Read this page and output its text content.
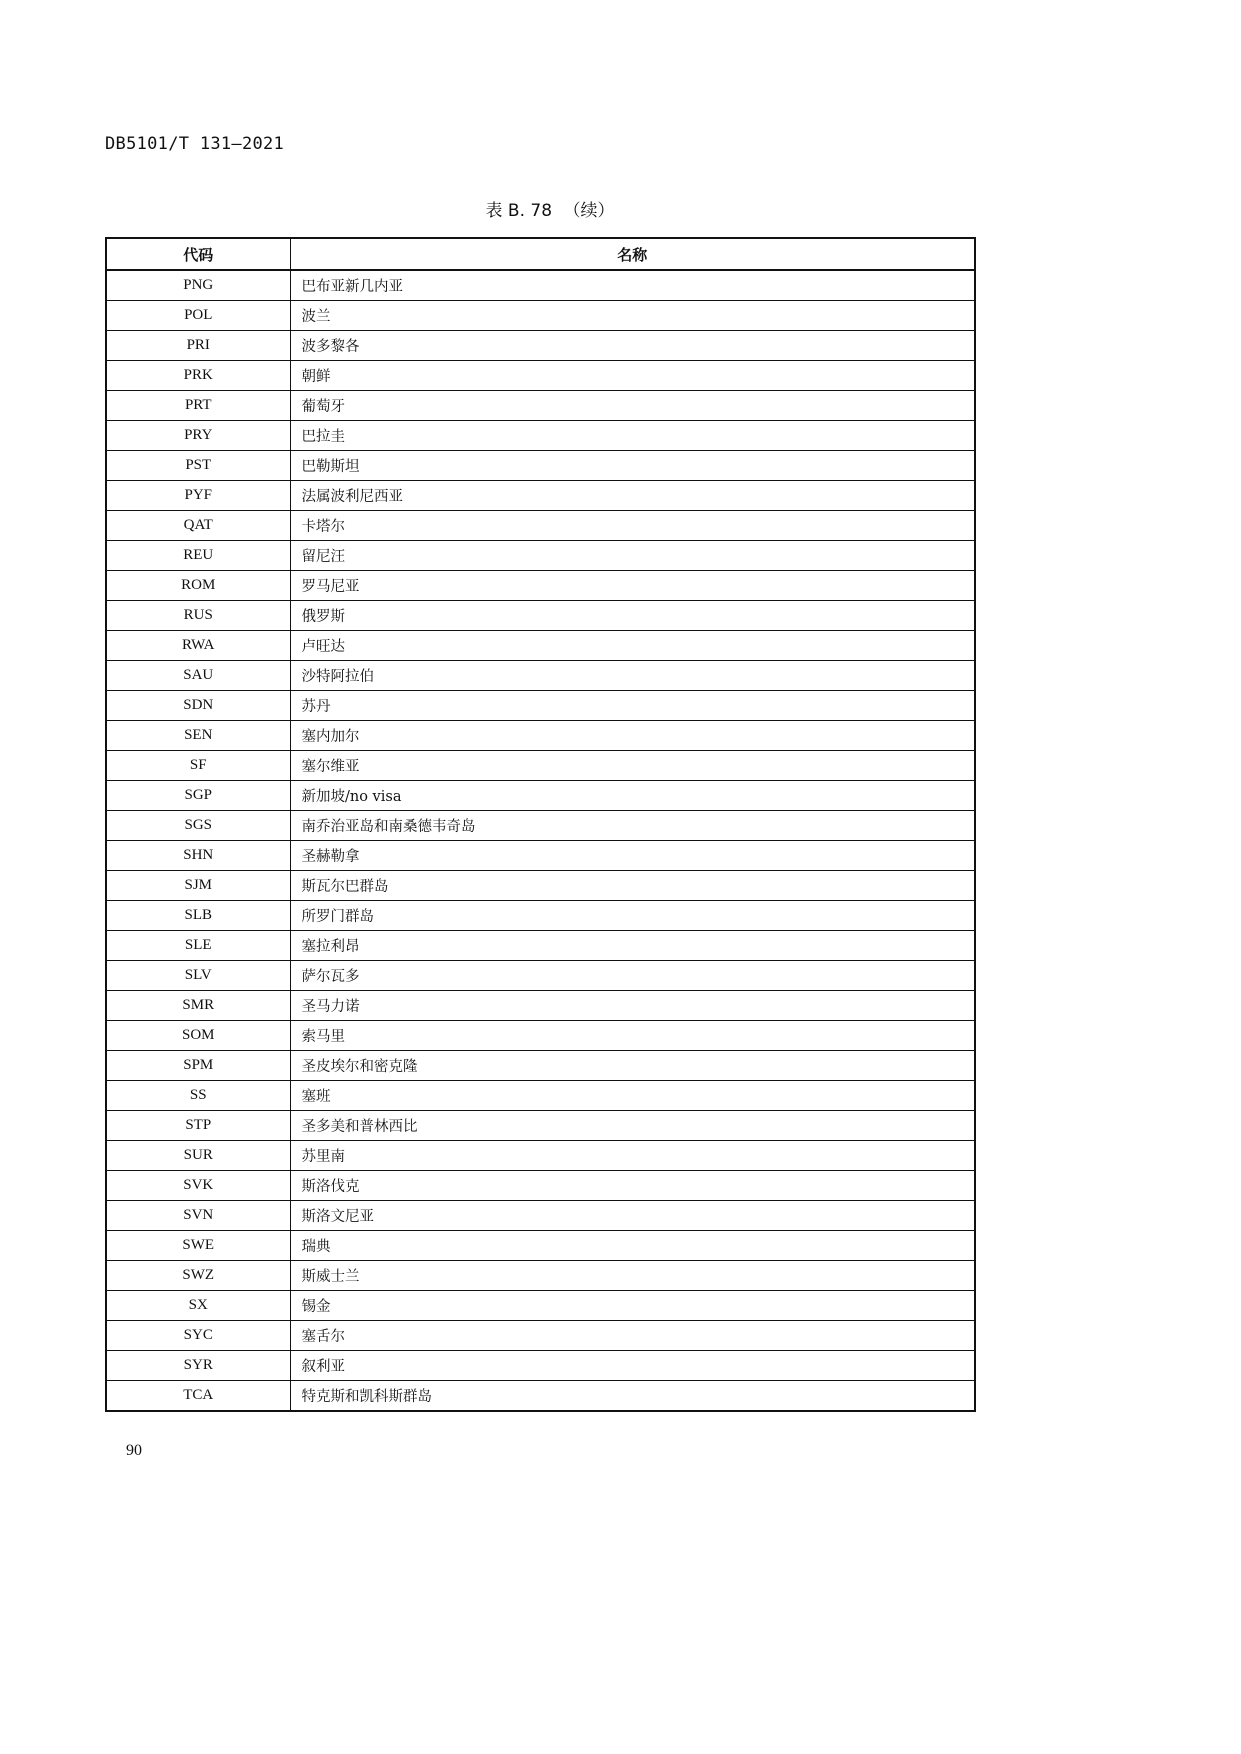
DB5101/T 131—2021
表 B. 78 （续）
代码	名称
PNG	巴布亚新几内亚
POL	波兰
PRI	波多黎各
PRK	朝鲜
PRT	葡萄牙
PRY	巴拉圭
PST	巴勒斯坦
PYF	法属波利尼西亚
QAT	卡塔尔
REU	留尼汪
ROM	罗马尼亚
RUS	俄罗斯
RWA	卢旺达
SAU	沙特阿拉伯
SDN	苏丹
SEN	塞内加尔
SF	塞尔维亚
SGP	新加坡/no visa
SGS	南乔治亚岛和南桑德韦奇岛
SHN	圣赫勒拿
SJM	斯瓦尔巴群岛
SLB	所罗门群岛
SLE	塞拉利昂
SLV	萨尔瓦多
SMR	圣马力诺
SOM	索马里
SPM	圣皮埃尔和密克隆
SS	塞班
STP	圣多美和普林西比
SUR	苏里南
SVK	斯洛伐克
SVN	斯洛文尼亚
SWE	瑞典
SWZ	斯威士兰
SX	锡金
SYC	塞舌尔
SYR	叙利亚
TCA	特克斯和凯科斯群岛
90
